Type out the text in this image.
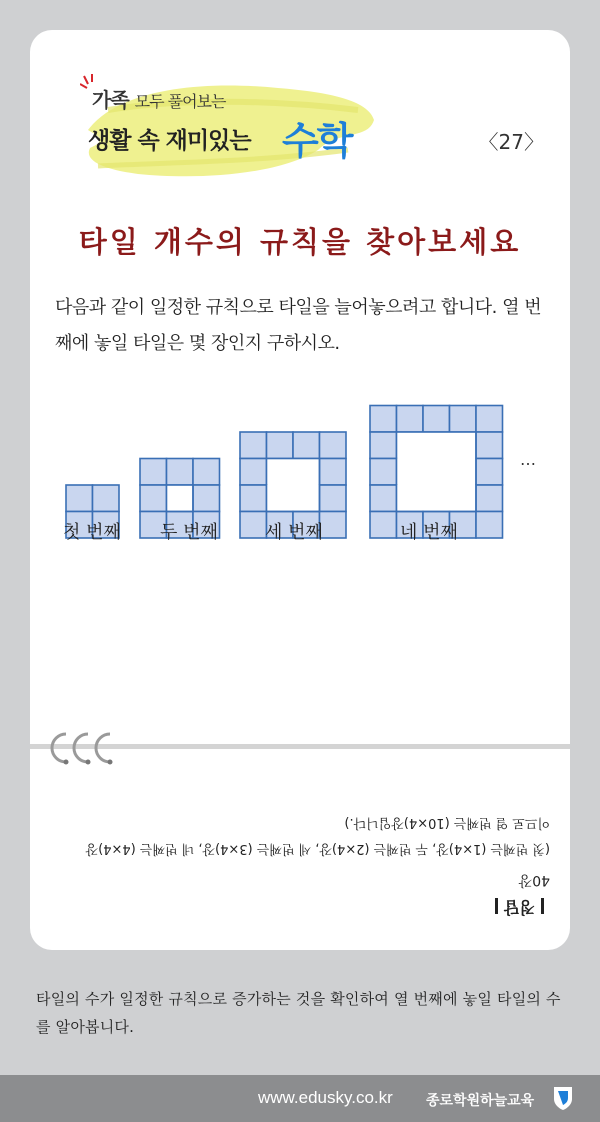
가족 모두 풀어보는
생활 속 재미있는 수학	〈27〉
타일 개수의 규칙을 찾아보세요
다음과 같이 일정한 규칙으로 타일을 늘어놓으려고 합니다. 열 번째에 놓일 타일은 몇 장인지 구하시오.
…
첫 번째	두 번째	세 번째	네 번째
정답
40장
(첫 번째는 (1×4)장, 두 번째는 (2×4)장, 세 번째는 (3×4)장, 네 번째는 (4×4)장
이므로 열 번째는 (10×4)장입니다.)
타일의 수가 일정한 규칙으로 증가하는 것을 확인하여 열 번째에 놓일 타일의 수를 알아봅니다.
www.edusky.co.kr 종로학원하늘교육
